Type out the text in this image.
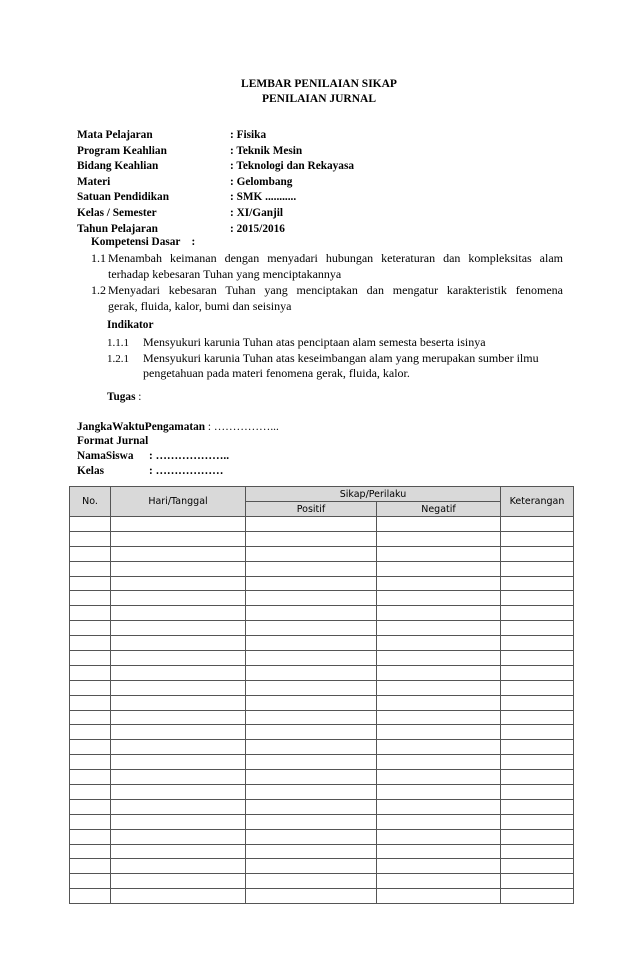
LEMBAR PENILAIAN SIKAP
PENILAIAN JURNAL
Mata Pelajaran	: Fisika
Program Keahlian	: Teknik Mesin
Bidang Keahlian	: Teknologi dan Rekayasa
Materi	: Gelombang
Satuan Pendidikan	: SMK ...........
Kelas / Semester	: XI/Ganjil
Tahun Pelajaran	: 2015/2016
Kompetensi Dasar    :
1.1 Menambah keimanan dengan menyadari hubungan keteraturan dan kompleksitas alam
terhadap kebesaran Tuhan yang menciptakannya
1.2 Menyadari kebesaran Tuhan yang menciptakan dan mengatur karakteristik fenomena
gerak, fluida, kalor, bumi dan seisinya
Indikator
1.1.1 Mensyukuri karunia Tuhan atas penciptaan alam semesta beserta isinya
1.2.1 Mensyukuri karunia Tuhan atas keseimbangan alam yang merupakan sumber ilmu
pengetahuan pada materi fenomena gerak, fluida, kalor.
Tugas :
JangkaWaktuPengamatan : ……………...
Format Jurnal
NamaSiswa : ………………..
Kelas	: ………………
No.	Hari/Tanggal	Sikap/Perilaku		Keterangan
		Positif	Negatif	
